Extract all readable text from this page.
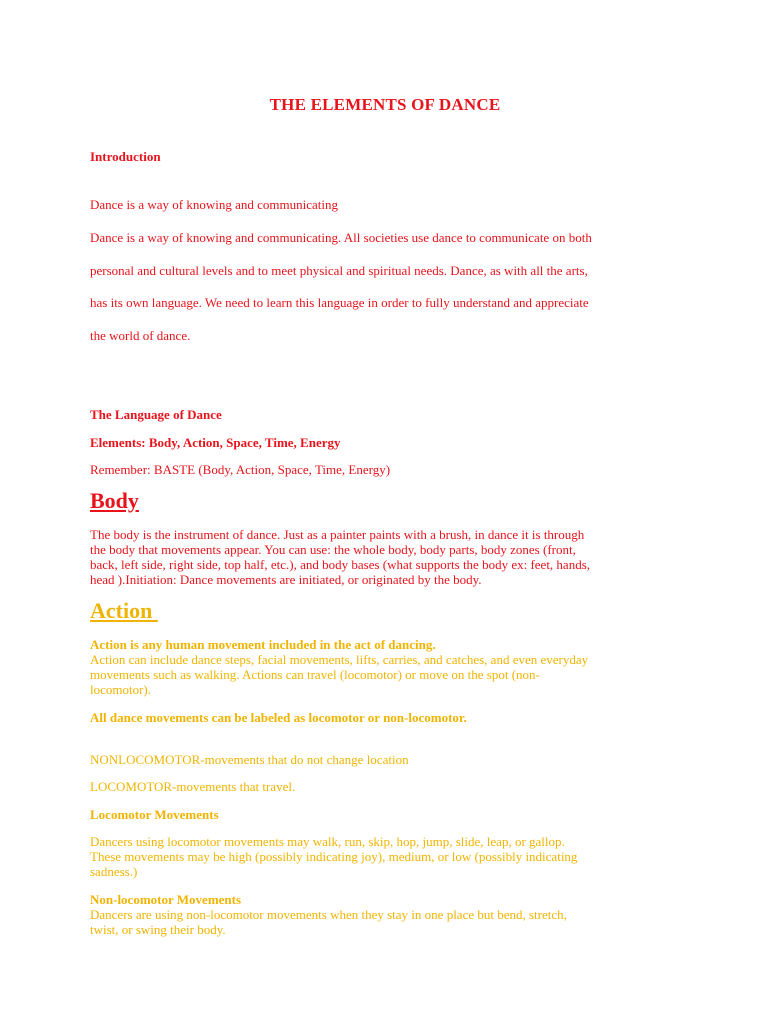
THE ELEMENTS OF DANCE
Introduction
Dance is a way of knowing and communicating
Dance is a way of knowing and communicating. All societies use dance to communicate on both
personal and cultural levels and to meet physical and spiritual needs. Dance, as with all the arts,
has its own language. We need to learn this language in order to fully understand and appreciate
the world of dance.
The Language of Dance
Elements: Body, Action, Space, Time, Energy
Remember: BASTE (Body, Action, Space, Time, Energy)
Body
The body is the instrument of dance. Just as a painter paints with a brush, in dance it is through
the body that movements appear. You can use: the whole body, body parts, body zones (front,
back, left side, right side, top half, etc.), and body bases (what supports the body ex: feet, hands,
head ).Initiation: Dance movements are initiated, or originated by the body.
Action
Action is any human movement included in the act of dancing.
Action can include dance steps, facial movements, lifts, carries, and catches, and even everyday
movements such as walking. Actions can travel (locomotor) or move on the spot (non-
locomotor).
All dance movements can be labeled as locomotor or non-locomotor.
NONLOCOMOTOR-movements that do not change location
LOCOMOTOR-movements that travel.
Locomotor Movements
Dancers using locomotor movements may walk, run, skip, hop, jump, slide, leap, or gallop.
These movements may be high (possibly indicating joy), medium, or low (possibly indicating
sadness.)
Non-locomotor Movements
Dancers are using non-locomotor movements when they stay in one place but bend, stretch,
twist, or swing their body.
